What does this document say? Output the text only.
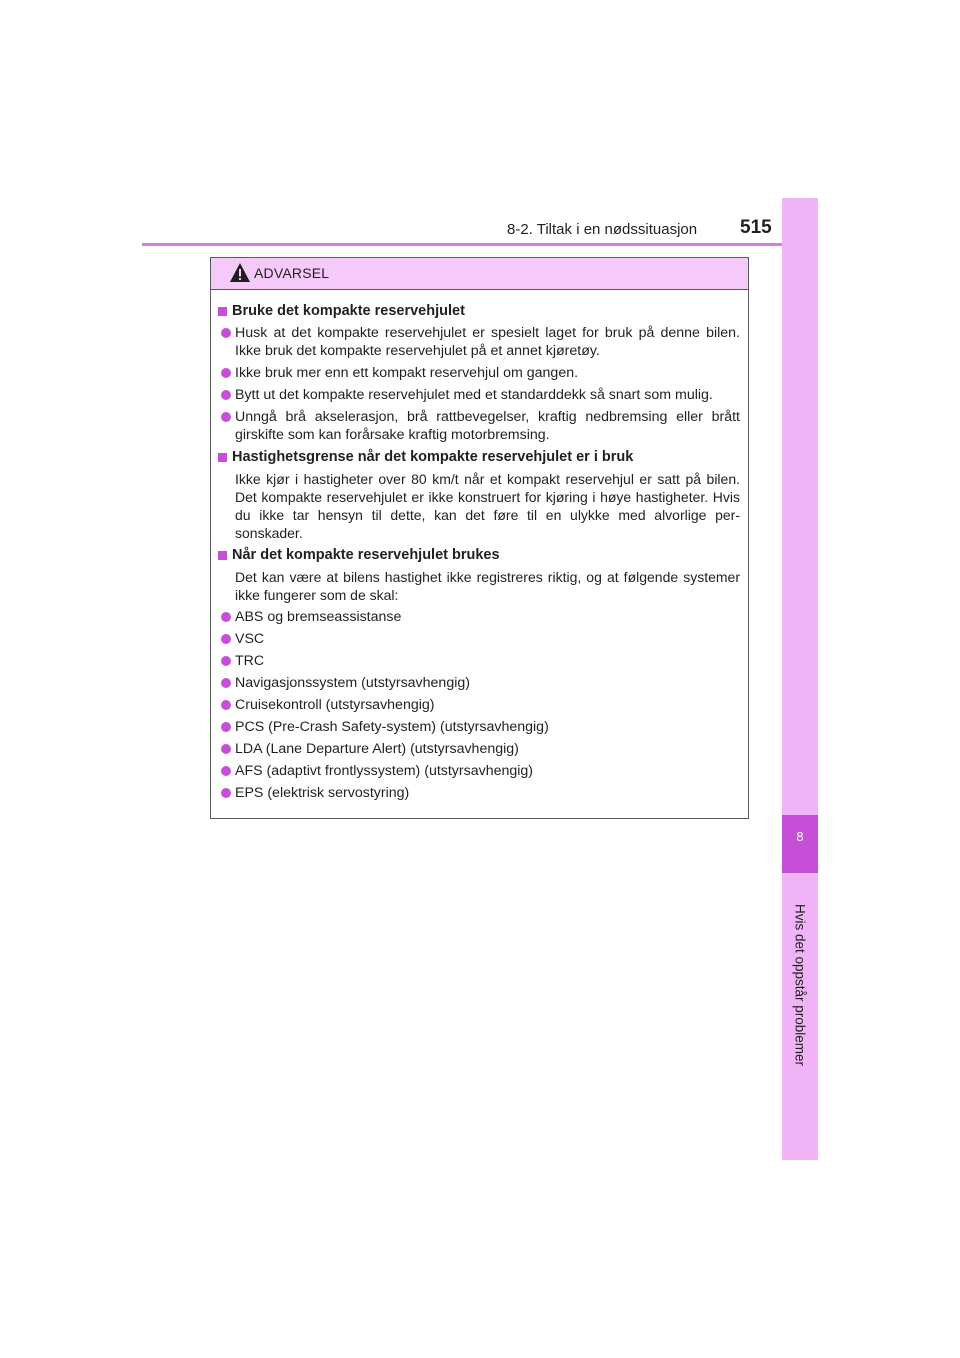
8-2. Tiltak i en nødssituasjon 515
8
Hvis det oppstår problemer
ADVARSEL
Bruke det kompakte reservehjulet
Husk at det kompakte reservehjulet er spesielt laget for bruk på denne bilen. Ikke bruk det kompakte reservehjulet på et annet kjøretøy.
Ikke bruk mer enn ett kompakt reservehjul om gangen.
Bytt ut det kompakte reservehjulet med et standarddekk så snart som mulig.
Unngå brå akselerasjon, brå rattbevegelser, kraftig nedbremsing eller brått girskifte som kan forårsake kraftig motorbremsing.
Hastighetsgrense når det kompakte reservehjulet er i bruk
Ikke kjør i hastigheter over 80 km/t når et kompakt reservehjul er satt på bilen. Det kompakte reservehjulet er ikke konstruert for kjøring i høye hastigheter. Hvis du ikke tar hensyn til dette, kan det føre til en ulykke med alvorlige per-sonskader.
Når det kompakte reservehjulet brukes
Det kan være at bilens hastighet ikke registreres riktig, og at følgende systemer ikke fungerer som de skal:
ABS og bremseassistanse
VSC
TRC
Navigasjonssystem (utstyrsavhengig)
Cruisekontroll (utstyrsavhengig)
PCS (Pre-Crash Safety-system) (utstyrsavhengig)
LDA (Lane Departure Alert) (utstyrsavhengig)
AFS (adaptivt frontlyssystem) (utstyrsavhengig)
EPS (elektrisk servostyring)
